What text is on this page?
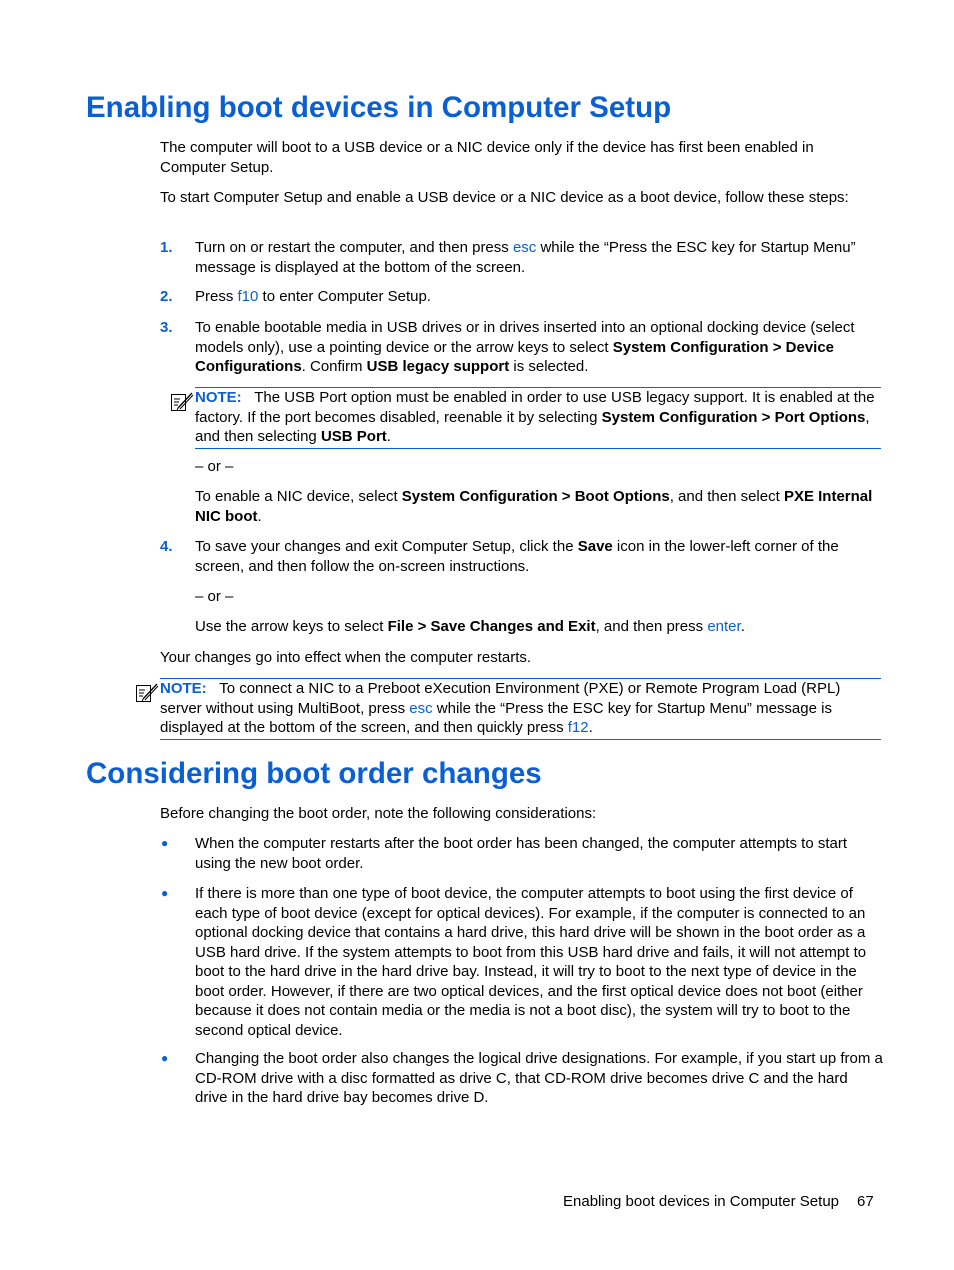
Enabling boot devices in Computer Setup
The computer will boot to a USB device or a NIC device only if the device has first been enabled in Computer Setup.
To start Computer Setup and enable a USB device or a NIC device as a boot device, follow these steps:
1.	Turn on or restart the computer, and then press esc while the “Press the ESC key for Startup Menu” message is displayed at the bottom of the screen.
2.	Press f10 to enter Computer Setup.
3.	To enable bootable media in USB drives or in drives inserted into an optional docking device (select models only), use a pointing device or the arrow keys to select System Configuration > Device Configurations. Confirm USB legacy support is selected.
NOTE: The USB Port option must be enabled in order to use USB legacy support. It is enabled at the factory. If the port becomes disabled, reenable it by selecting System Configuration > Port Options, and then selecting USB Port.
– or –
To enable a NIC device, select System Configuration > Boot Options, and then select PXE Internal NIC boot.
4.	To save your changes and exit Computer Setup, click the Save icon in the lower-left corner of the screen, and then follow the on-screen instructions.
– or –
Use the arrow keys to select File > Save Changes and Exit, and then press enter.
Your changes go into effect when the computer restarts.
NOTE: To connect a NIC to a Preboot eXecution Environment (PXE) or Remote Program Load (RPL) server without using MultiBoot, press esc while the “Press the ESC key for Startup Menu” message is displayed at the bottom of the screen, and then quickly press f12.
Considering boot order changes
Before changing the boot order, note the following considerations:
●	When the computer restarts after the boot order has been changed, the computer attempts to start using the new boot order.
●	If there is more than one type of boot device, the computer attempts to boot using the first device of each type of boot device (except for optical devices). For example, if the computer is connected to an optional docking device that contains a hard drive, this hard drive will be shown in the boot order as a USB hard drive. If the system attempts to boot from this USB hard drive and fails, it will not attempt to boot to the hard drive in the hard drive bay. Instead, it will try to boot to the next type of device in the boot order. However, if there are two optical devices, and the first optical device does not boot (either because it does not contain media or the media is not a boot disc), the system will try to boot to the second optical device.
●	Changing the boot order also changes the logical drive designations. For example, if you start up from a CD-ROM drive with a disc formatted as drive C, that CD-ROM drive becomes drive C and the hard drive in the hard drive bay becomes drive D.
Enabling boot devices in Computer Setup 67
